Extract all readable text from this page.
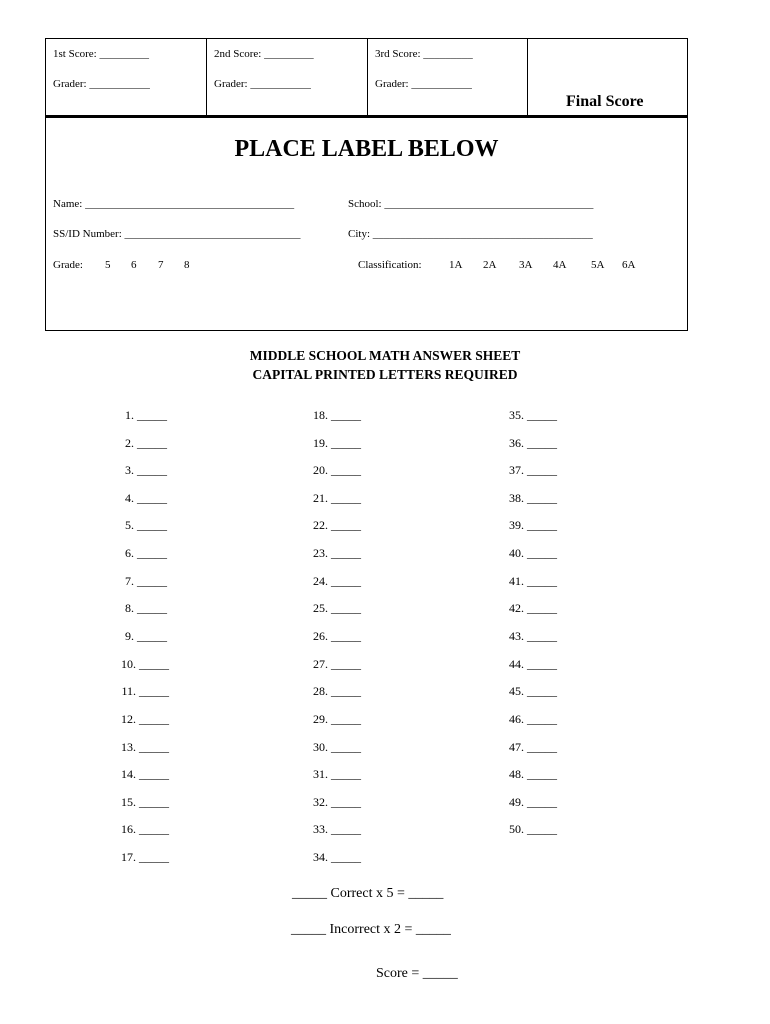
1st Score: _________
Grader: ___________
2nd Score: _________
Grader: ___________
3rd Score: _________
Grader: ___________
Final Score
PLACE LABEL BELOW
Name: ______________________________________	School: ______________________________________
SS/ID Number: ________________________________	City: ________________________________________
Grade: 5 6 7 8	Classification: 1A 2A 3A 4A 5A 6A
MIDDLE SCHOOL MATH ANSWER SHEET
CAPITAL PRINTED LETTERS REQUIRED
1. _____
2. _____
3. _____
4. _____
5. _____
6. _____
7. _____
8. _____
9. _____
10. _____
11. _____
12. _____
13. _____
14. _____
15. _____
16. _____
17. _____
18. _____
19. _____
20. _____
21. _____
22. _____
23. _____
24. _____
25. _____
26. _____
27. _____
28. _____
29. _____
30. _____
31. _____
32. _____
33. _____
34. _____
35. _____
36. _____
37. _____
38. _____
39. _____
40. _____
41. _____
42. _____
43. _____
44. _____
45. _____
46. _____
47. _____
48. _____
49. _____
50. _____
_____ Correct x 5 = _____
_____ Incorrect x 2 = _____
Score = _____
